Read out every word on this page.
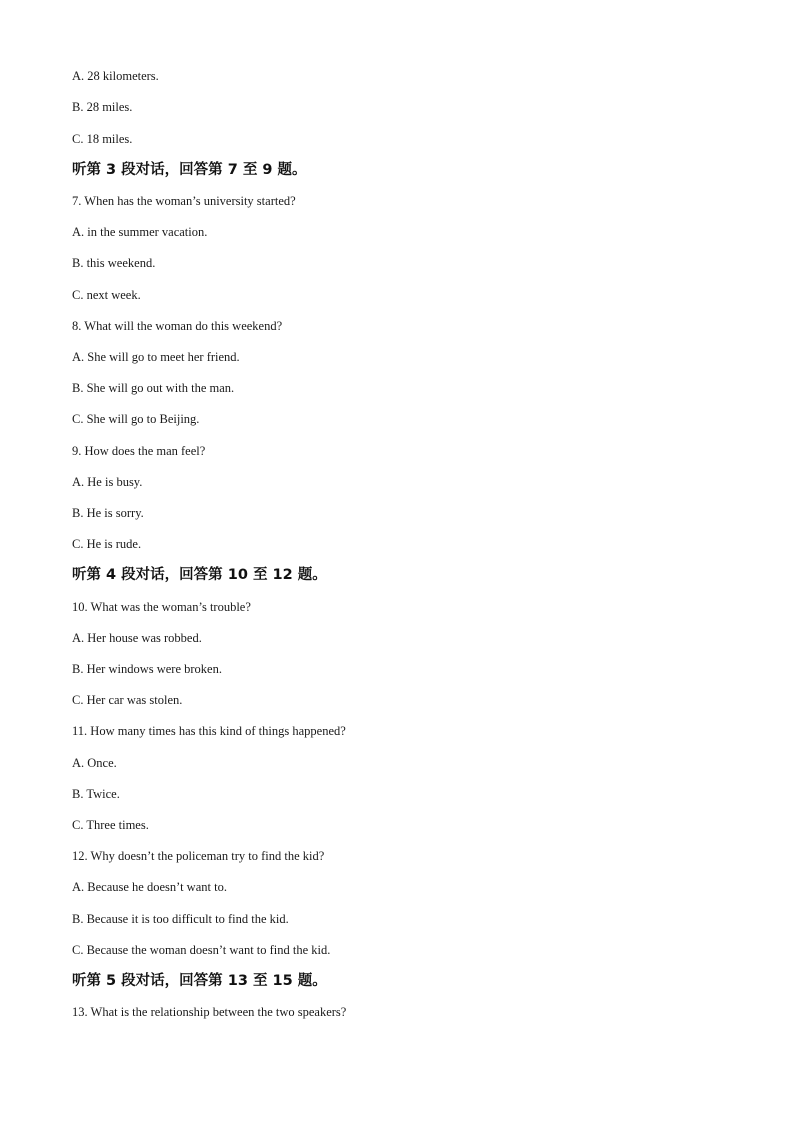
A. 28 kilometers.
B. 28 miles.
C. 18 miles.
听第 3 段对话，回答第 7 至 9 题。
7. When has the woman’s university started?
A. in the summer vacation.
B. this weekend.
C. next week.
8. What will the woman do this weekend?
A. She will go to meet her friend.
B. She will go out with the man.
C. She will go to Beijing.
9. How does the man feel?
A. He is busy.
B. He is sorry.
C. He is rude.
听第 4 段对话，回答第 10 至 12 题。
10. What was the woman’s trouble?
A. Her house was robbed.
B. Her windows were broken.
C. Her car was stolen.
11. How many times has this kind of things happened?
A. Once.
B. Twice.
C. Three times.
12. Why doesn’t the policeman try to find the kid?
A. Because he doesn’t want to.
B. Because it is too difficult to find the kid.
C. Because the woman doesn’t want to find the kid.
听第 5 段对话，回答第 13 至 15 题。
13. What is the relationship between the two speakers?
